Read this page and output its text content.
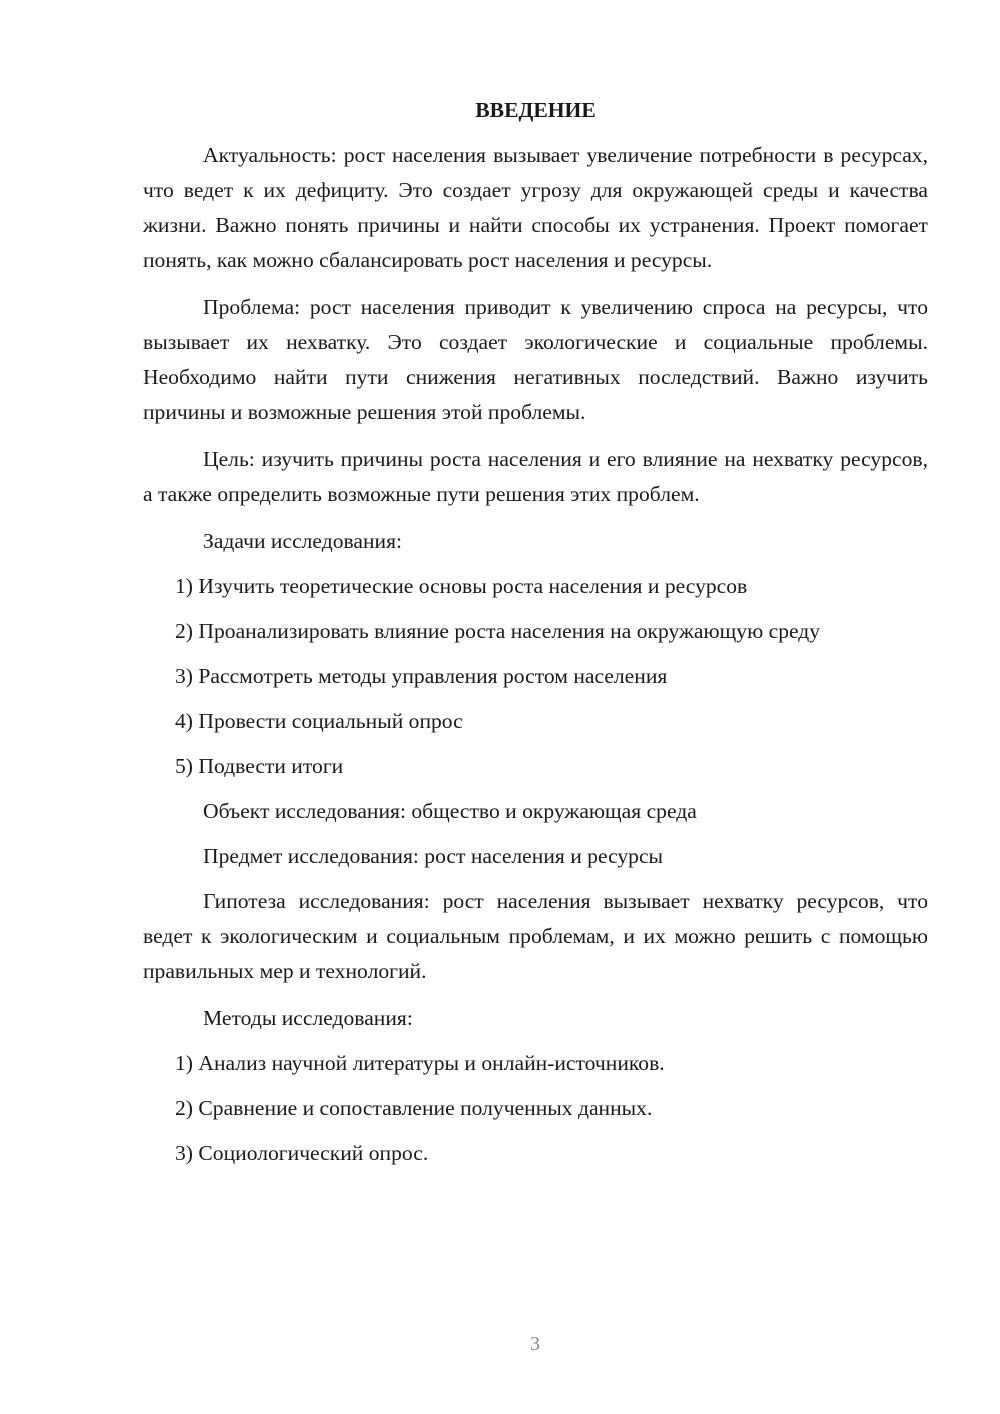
ВВЕДЕНИЕ

Актуальность: рост населения вызывает увеличение потребности в ресурсах, что ведет к их дефициту. Это создает угрозу для окружающей среды и качества жизни. Важно понять причины и найти способы их устранения. Проект помогает понять, как можно сбалансировать рост населения и ресурсы.

Проблема: рост населения приводит к увеличению спроса на ресурсы, что вызывает их нехватку. Это создает экологические и социальные проблемы. Необходимо найти пути снижения негативных последствий. Важно изучить причины и возможные решения этой проблемы.

Цель: изучить причины роста населения и его влияние на нехватку ресурсов, а также определить возможные пути решения этих проблем.

Задачи исследования:
1) Изучить теоретические основы роста населения и ресурсов
2) Проанализировать влияние роста населения на окружающую среду
3) Рассмотреть методы управления ростом населения
4) Провести социальный опрос
5) Подвести итоги
Объект исследования: общество и окружающая среда
Предмет исследования: рост населения и ресурсы

Гипотеза исследования: рост населения вызывает нехватку ресурсов, что ведет к экологическим и социальным проблемам, и их можно решить с помощью правильных мер и технологий.

Методы исследования:
1) Анализ научной литературы и онлайн-источников.
2) Сравнение и сопоставление полученных данных.
3) Социологический опрос.
3
